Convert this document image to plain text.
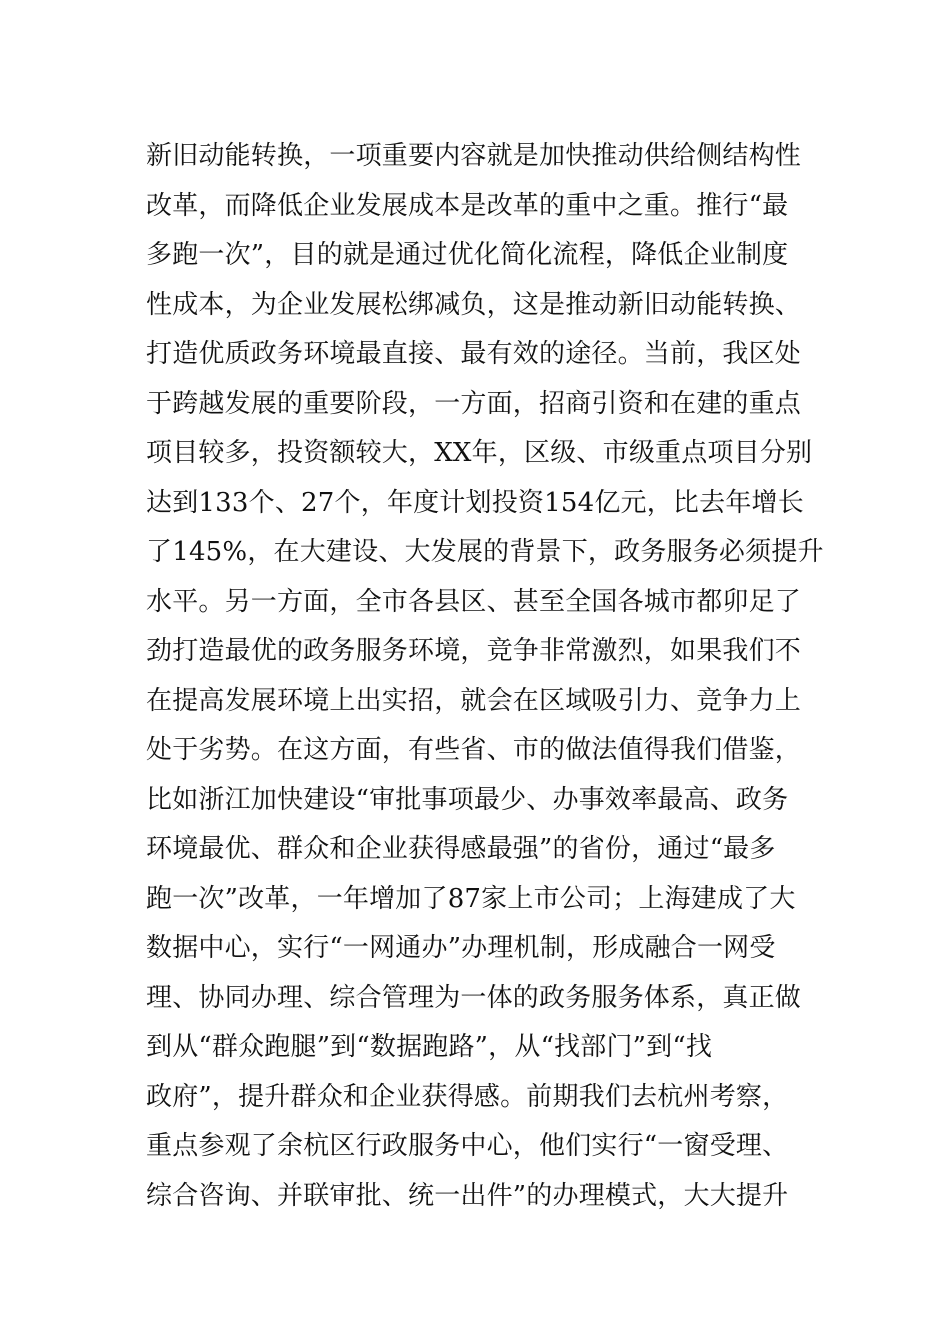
新旧动能转换，一项重要内容就是加快推动供给侧结构性
改革，而降低企业发展成本是改革的重中之重。推行“最
多跑一次”，目的就是通过优化简化流程，降低企业制度
性成本，为企业发展松绑减负，这是推动新旧动能转换、
打造优质政务环境最直接、最有效的途径。当前，我区处
于跨越发展的重要阶段，一方面，招商引资和在建的重点
项目较多，投资额较大，XX年，区级、市级重点项目分别
达到133个、27个，年度计划投资154亿元，比去年增长
了145%，在大建设、大发展的背景下，政务服务必须提升
水平。另一方面，全市各县区、甚至全国各城市都卯足了
劲打造最优的政务服务环境，竞争非常激烈，如果我们不
在提高发展环境上出实招，就会在区域吸引力、竞争力上
处于劣势。在这方面，有些省、市的做法值得我们借鉴，
比如浙江加快建设“审批事项最少、办事效率最高、政务
环境最优、群众和企业获得感最强”的省份，通过“最多
跑一次”改革，一年增加了87家上市公司；上海建成了大
数据中心，实行“一网通办”办理机制，形成融合一网受
理、协同办理、综合管理为一体的政务服务体系，真正做
到从“群众跑腿”到“数据跑路”，从“找部门”到“找
政府”，提升群众和企业获得感。前期我们去杭州考察，
重点参观了余杭区行政服务中心，他们实行“一窗受理、
综合咨询、并联审批、统一出件”的办理模式，大大提升
